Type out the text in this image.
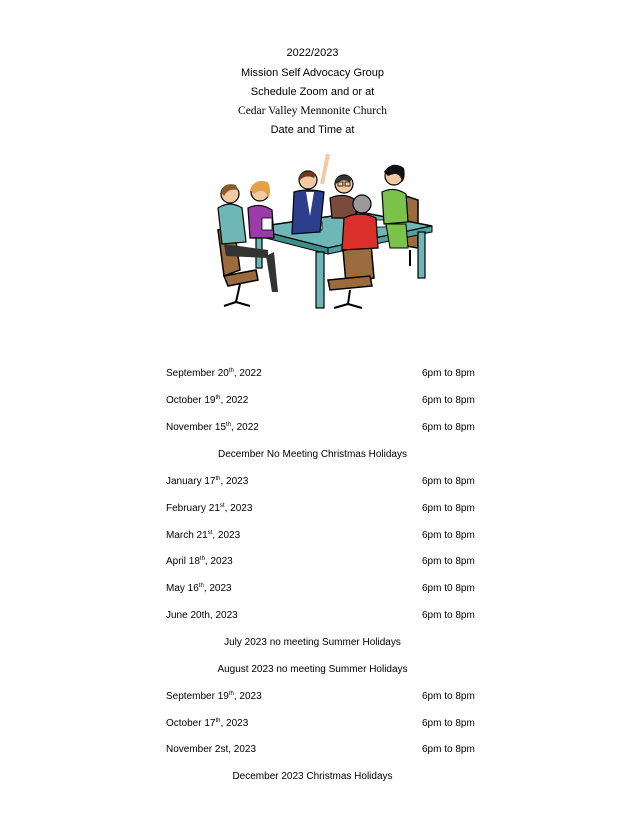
2022/2023
Mission Self Advocacy Group
Schedule Zoom and or at
Cedar Valley Mennonite Church
Date and Time at
September 20th, 2022	6pm to 8pm
October 19th, 2022	6pm to 8pm
November 15th, 2022	6pm to 8pm
December No Meeting Christmas Holidays
January 17th, 2023	6pm to 8pm
February 21st, 2023	6pm to 8pm
March 21st, 2023	6pm to 8pm
April 18th, 2023	6pm to 8pm
May 16th, 2023	6pm t0 8pm
June 20th, 2023	6pm to 8pm
July 2023 no meeting Summer Holidays
August 2023 no meeting Summer Holidays
September 19th, 2023	6pm to 8pm
October 17th, 2023	6pm to 8pm
November 2st, 2023	6pm to 8pm
December 2023 Christmas Holidays
